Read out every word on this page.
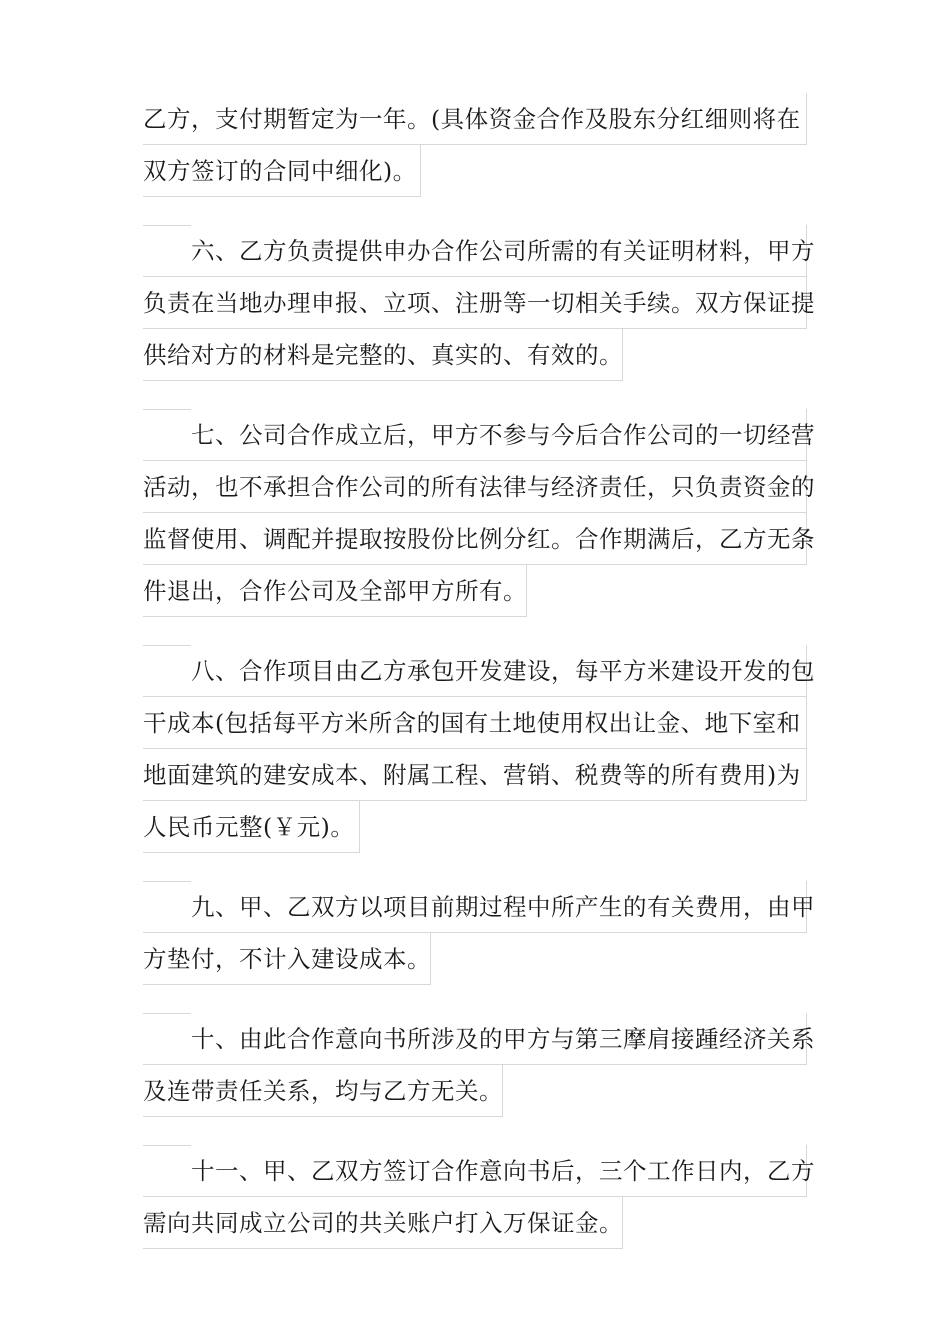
乙方，支付期暂定为一年。(具体资金合作及股东分红细则将在
双方签订的合同中细化)。
六、乙方负责提供申办合作公司所需的有关证明材料，甲方
负责在当地办理申报、立项、注册等一切相关手续。双方保证提
供给对方的材料是完整的、真实的、有效的。
七、公司合作成立后，甲方不参与今后合作公司的一切经营
活动，也不承担合作公司的所有法律与经济责任，只负责资金的
监督使用、调配并提取按股份比例分红。合作期满后，乙方无条
件退出，合作公司及全部甲方所有。
八、合作项目由乙方承包开发建设，每平方米建设开发的包
干成本(包括每平方米所含的国有土地使用权出让金、地下室和
地面建筑的建安成本、附属工程、营销、税费等的所有费用)为
人民币元整(￥元)。
九、甲、乙双方以项目前期过程中所产生的有关费用，由甲
方垫付，不计入建设成本。
十、由此合作意向书所涉及的甲方与第三摩肩接踵经济关系
及连带责任关系，均与乙方无关。
十一、甲、乙双方签订合作意向书后，三个工作日内，乙方
需向共同成立公司的共关账户打入万保证金。
